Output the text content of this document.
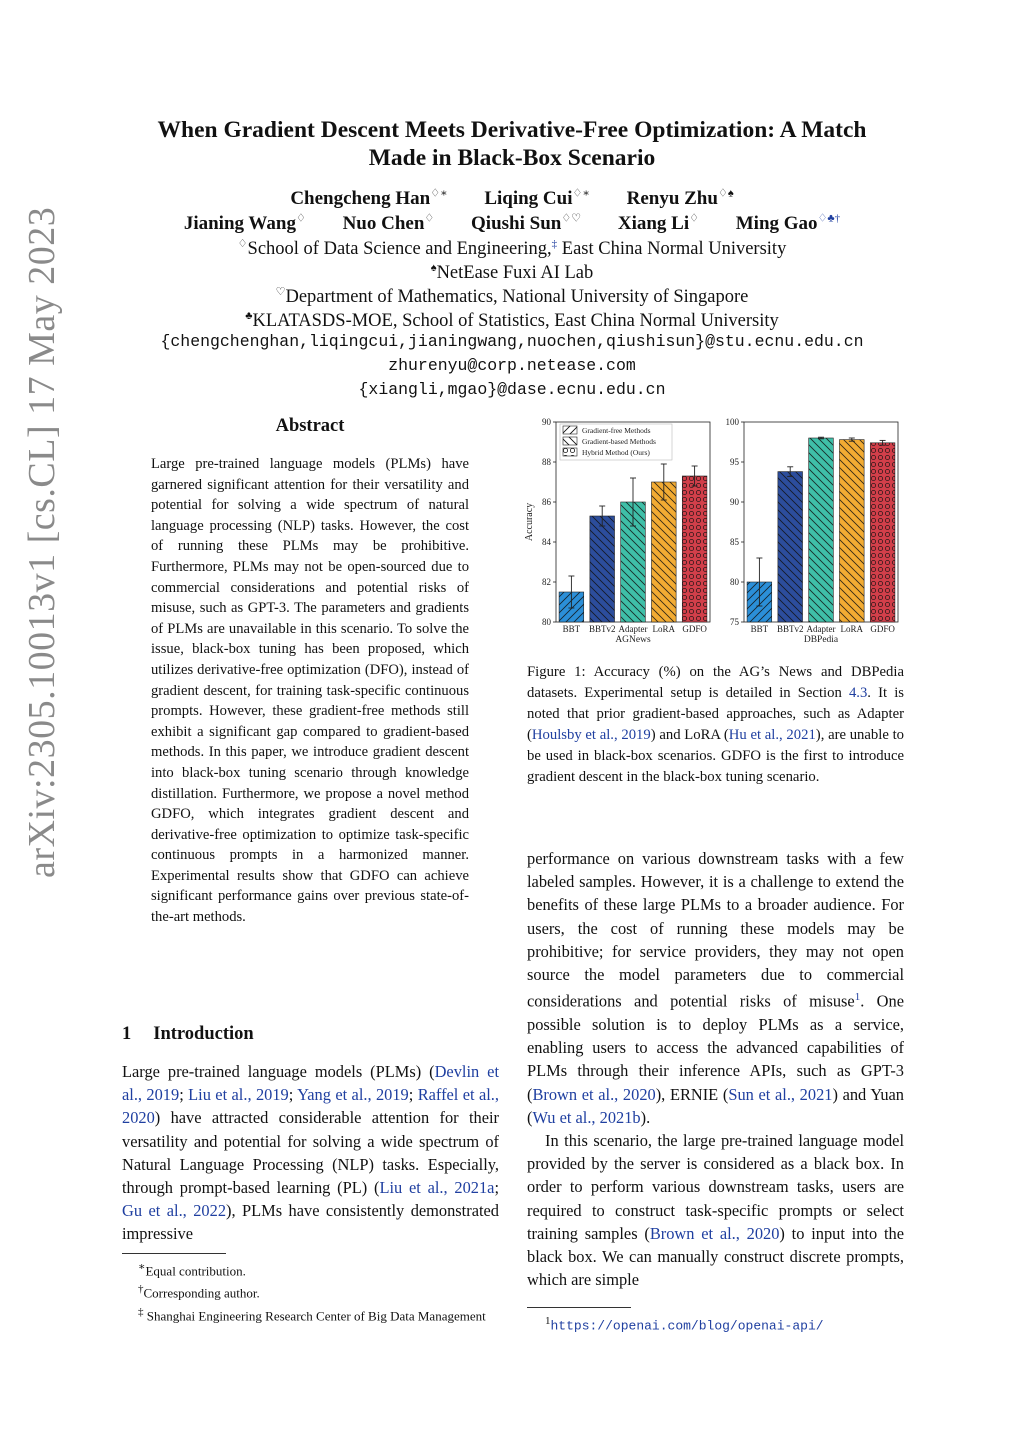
arXiv:2305.10013v1 [cs.CL] 17 May 2023
When Gradient Descent Meets Derivative-Free Optimization: A Match
Made in Black-Box Scenario
Chengcheng Han♢∗ Liqing Cui♢∗ Renyu Zhu♢♠
Jianing Wang♢ Nuo Chen♢ Qiushi Sun♢♡ Xiang Li♢ Ming Gao♢♣†
♢School of Data Science and Engineering,‡ East China Normal University
♠NetEase Fuxi AI Lab
♡Department of Mathematics, National University of Singapore
♣KLATASDS-MOE, School of Statistics, East China Normal University
{chengchenghan,liqingcui,jianingwang,nuochen,qiushisun}@stu.ecnu.edu.cn
zhurenyu@corp.netease.com
{xiangli,mgao}@dase.ecnu.edu.cn
Abstract
Large pre-trained language models (PLMs) have garnered significant attention for their versatility and potential for solving a wide spectrum of natural language processing (NLP) tasks. However, the cost of running these PLMs may be prohibitive. Furthermore, PLMs may not be open-sourced due to commercial considerations and potential risks of misuse, such as GPT-3. The parameters and gradients of PLMs are unavailable in this scenario. To solve the issue, black-box tuning has been proposed, which utilizes derivative-free optimization (DFO), instead of gradient descent, for training task-specific continuous prompts. However, these gradient-free methods still exhibit a significant gap compared to gradient-based methods. In this paper, we introduce gradient descent into black-box tuning scenario through knowledge distillation. Furthermore, we propose a novel method GDFO, which integrates gradient descent and derivative-free optimization to optimize task-specific continuous prompts in a harmonized manner. Experimental results show that GDFO can achieve significant performance gains over previous state-of-the-art methods.
1 Introduction
Large pre-trained language models (PLMs) (Devlin et al., 2019; Liu et al., 2019; Yang et al., 2019; Raffel et al., 2020) have attracted considerable attention for their versatility and potential for solving a wide spectrum of Natural Language Processing (NLP) tasks. Especially, through prompt-based learning (PL) (Liu et al., 2021a; Gu et al., 2022), PLMs have consistently demonstrated impressive
∗Equal contribution.
†Corresponding author.
‡ Shanghai Engineering Research Center of Big Data Management
80
82
84
86
88
90
BBT BBTv2 Adapter LoRA GDFO
AGNews
Accuracy
Gradient-free Methods
Gradient-based Methods
Hybrid Method (Ours)
75
80
85
90
95
100
BBT BBTv2 Adapter LoRA GDFO
DBPedia
Figure 1: Accuracy (%) on the AG’s News and DBPedia datasets. Experimental setup is detailed in Section 4.3. It is noted that prior gradient-based approaches, such as Adapter (Houlsby et al., 2019) and LoRA (Hu et al., 2021), are unable to be used in black-box scenarios. GDFO is the first to introduce gradient descent in the black-box tuning scenario.

performance on various downstream tasks with a few labeled samples. However, it is a challenge to extend the benefits of these large PLMs to a broader audience. For users, the cost of running these models may be prohibitive; for service providers, they may not open source the model parameters due to commercial considerations and potential risks of misuse$^1$. One possible solution is to deploy PLMs as a service, enabling users to access the advanced capabilities of PLMs through their inference APIs, such as GPT-3 (Brown et al., 2020), ERNIE (Sun et al., 2021) and Yuan (Wu et al., 2021b).

In this scenario, the large pre-trained language model provided by the server is considered as a black box. In order to perform various downstream tasks, users are required to construct task-specific prompts or select training samples (Brown et al., 2020) to input into the black box. We can manually construct discrete prompts, which are simple

$^1$https://openai.com/blog/openai-api/
